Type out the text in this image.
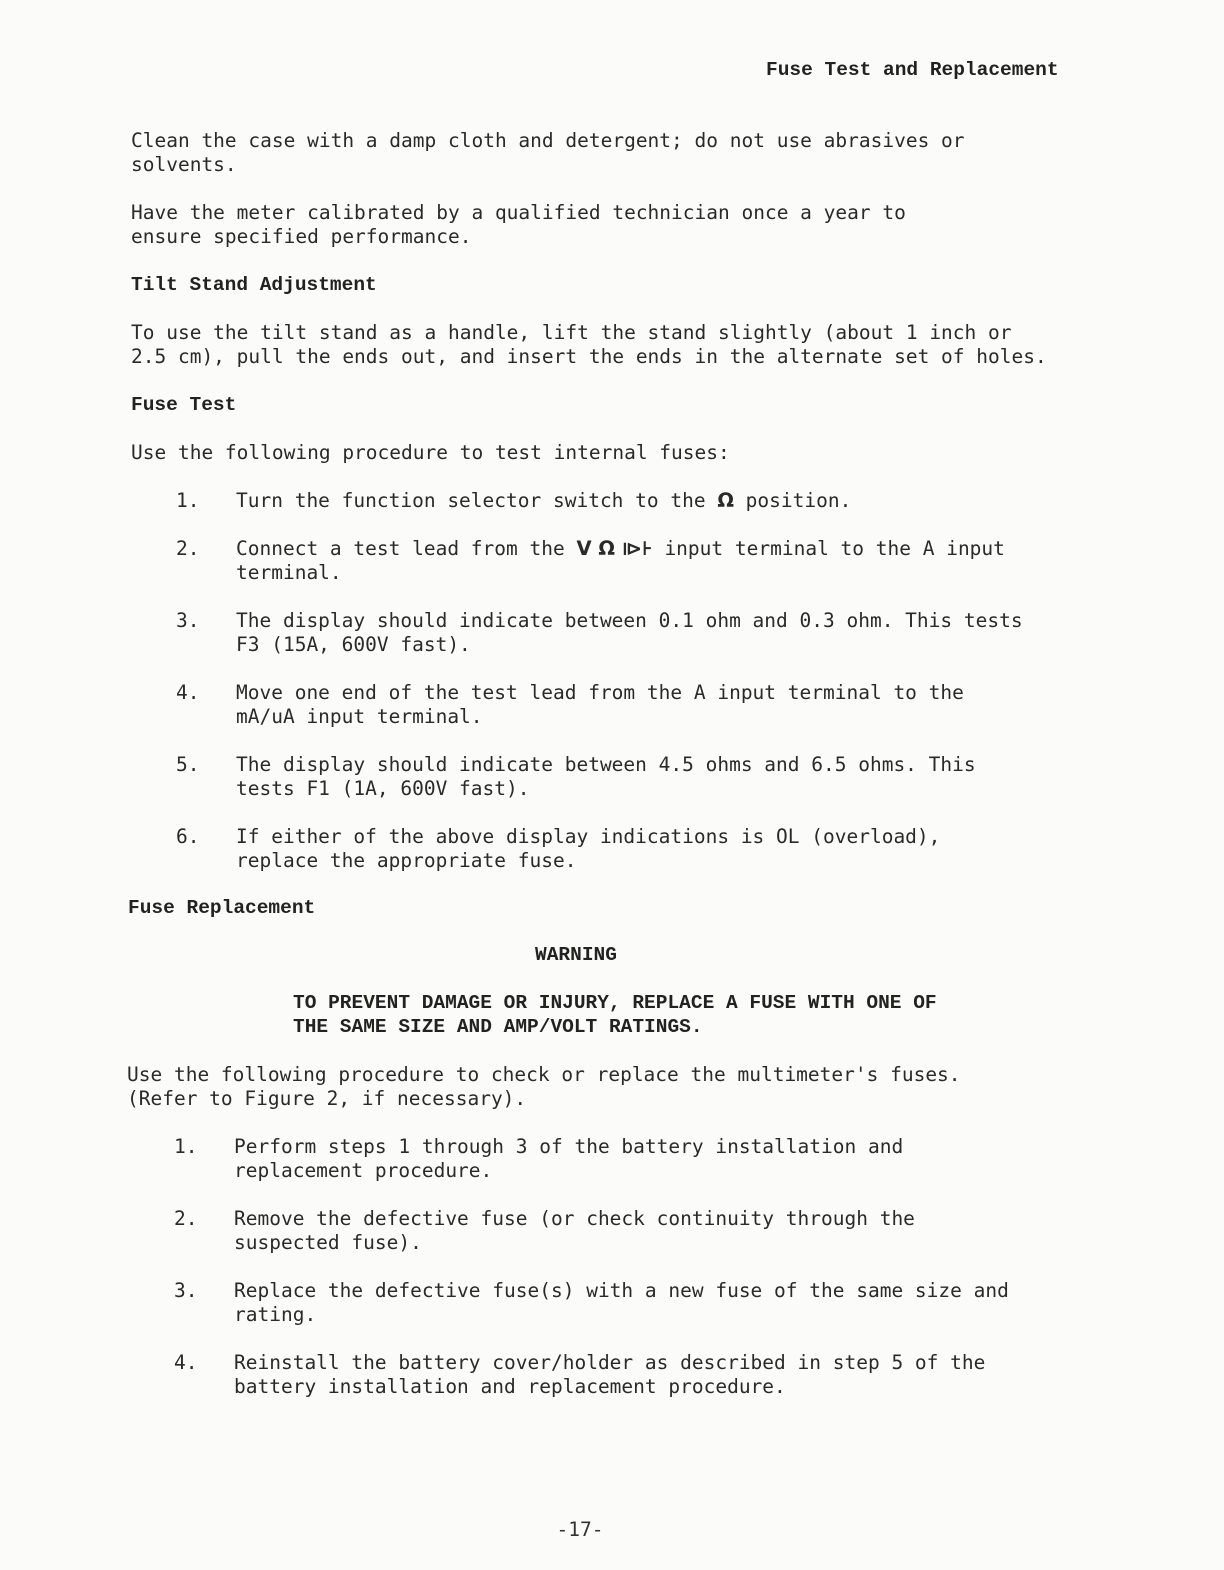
Fuse Test and Replacement
Clean the case with a damp cloth and detergent; do not use abrasives or
solvents.
Have the meter calibrated by a qualified technician once a year to
ensure specified performance.
Tilt Stand Adjustment
To use the tilt stand as a handle, lift the stand slightly (about 1 inch or
2.5 cm), pull the ends out, and insert the ends in the alternate set of holes.
Fuse Test
Use the following procedure to test internal fuses:
1. Turn the function selector switch to the Ω position.
2. Connect a test lead from the V Ω ⧐⊦ input terminal to the A input
terminal.
3. The display should indicate between 0.1 ohm and 0.3 ohm. This tests
F3 (15A, 600V fast).
4. Move one end of the test lead from the A input terminal to the
mA/uA input terminal.
5. The display should indicate between 4.5 ohms and 6.5 ohms. This
tests F1 (1A, 600V fast).
6. If either of the above display indications is OL (overload),
replace the appropriate fuse.
Fuse Replacement
WARNING
TO PREVENT DAMAGE OR INJURY, REPLACE A FUSE WITH ONE OF
THE SAME SIZE AND AMP/VOLT RATINGS.
Use the following procedure to check or replace the multimeter's fuses.
(Refer to Figure 2, if necessary).
1. Perform steps 1 through 3 of the battery installation and
replacement procedure.
2. Remove the defective fuse (or check continuity through the
suspected fuse).
3. Replace the defective fuse(s) with a new fuse of the same size and
rating.
4. Reinstall the battery cover/holder as described in step 5 of the
battery installation and replacement procedure.
-17-
